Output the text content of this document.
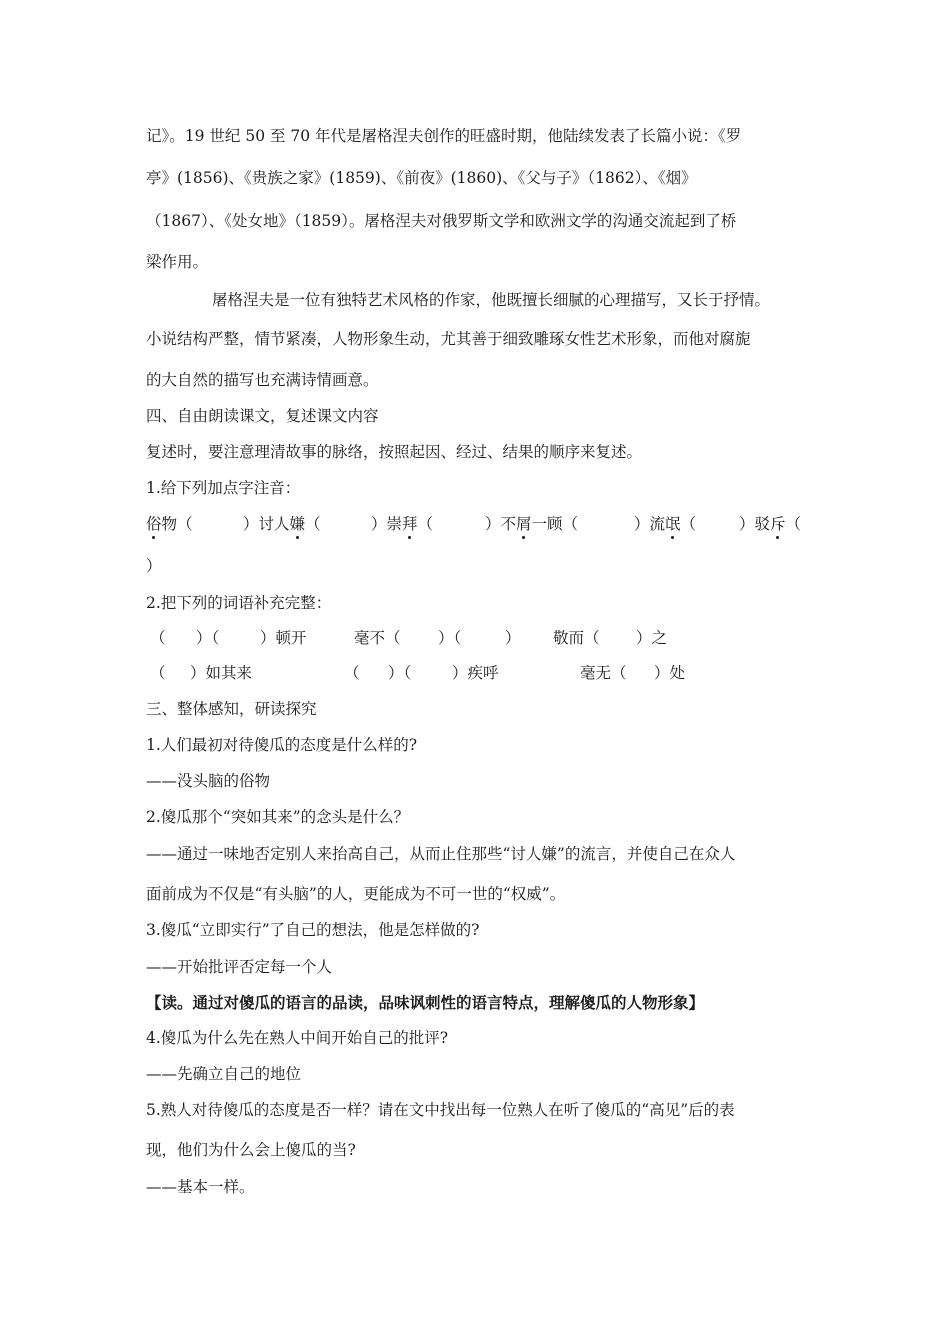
记》。19 世纪 50 至 70 年代是屠格涅夫创作的旺盛时期，他陆续发表了长篇小说：《罗
亭》(1856)、《贵族之家》(1859)、《前夜》(1860)、《父与子》（1862）、《烟》
（1867）、《处女地》（1859）。屠格涅夫对俄罗斯文学和欧洲文学的沟通交流起到了桥
梁作用。
屠格涅夫是一位有独特艺术风格的作家，他既擅长细腻的心理描写，又长于抒情。
小说结构严整，情节紧凑，人物形象生动，尤其善于细致雕琢女性艺术形象，而他对腐旎
的大自然的描写也充满诗情画意。
四、自由朗读课文，复述课文内容
复述时，要注意理清故事的脉络，按照起因、经过、结果的顺序来复述。
1.给下列加点字注音：
俗物（	）讨人嫌（	）崇拜（	）不屑一顾（	）流氓（	）驳斥（
）
2.把下列的词语补充完整：
（ ）（	）顿开	毫不（ ）（	） 敬而（ ）之
（ ）如其来	（ ）（	）疾呼	毫无（ ）处
三、整体感知，研读探究
1.人们最初对待傻瓜的态度是什么样的?
——没头脑的俗物
2.傻瓜那个“突如其来”的念头是什么？
——通过一味地否定别人来抬高自己，从而止住那些“讨人嫌”的流言，并使自己在众人
面前成为不仅是“有头脑”的人，更能成为不可一世的“权威”。
3.傻瓜“立即实行”了自己的想法，他是怎样做的?
——开始批评否定每一个人
【读。通过对傻瓜的语言的品读，品味讽刺性的语言特点，理解傻瓜的人物形象】
4.傻瓜为什么先在熟人中间开始自己的批评?
——先确立自己的地位
5.熟人对待傻瓜的态度是否一样？请在文中找出每一位熟人在听了傻瓜的“高见”后的表
现，他们为什么会上傻瓜的当?
——基本一样。
